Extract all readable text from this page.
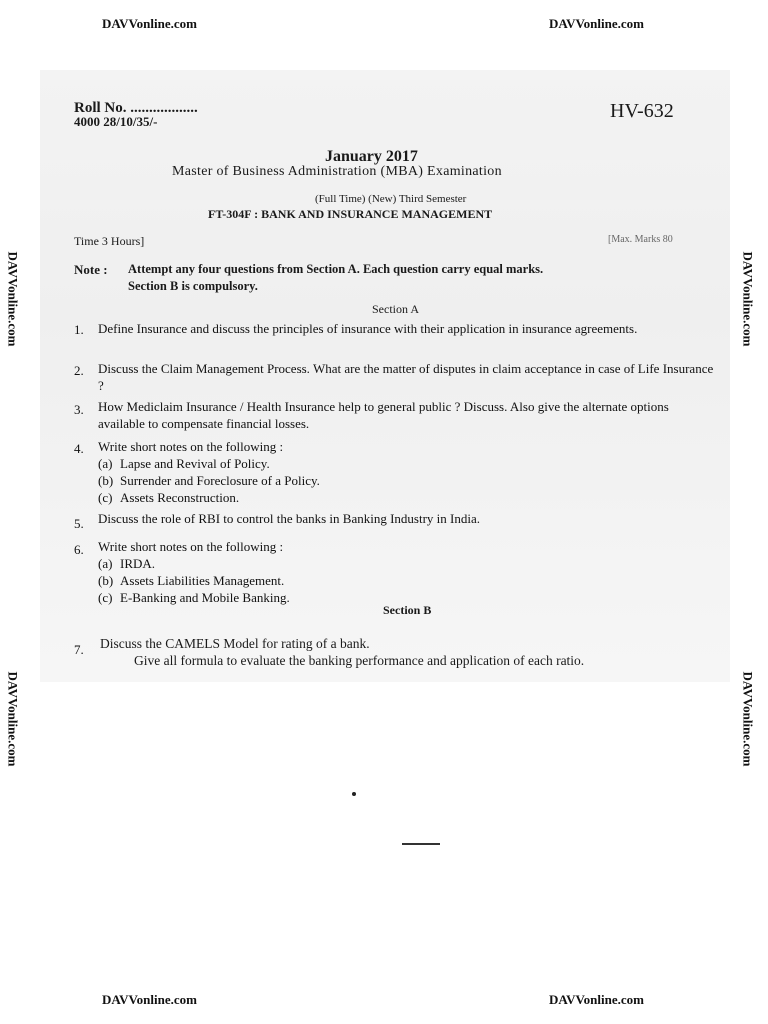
DAVVonline.com	DAVVonline.com
DAVVonline.com	DAVVonline.com
DAVVonline.com
DAVVonline.com
DAVVonline.com
DAVVonline.com
Roll No. ..................
4000 28/10/35/-	HV-632
January 2017
Master of Business Administration (MBA) Examination
(Full Time) (New) Third Semester
FT-304F : BANK AND INSURANCE MANAGEMENT
Time 3 Hours]	[Max. Marks 80
Note : Attempt any four questions from Section A. Each question carry equal marks.
Section B is compulsory.
Section A
1. Define Insurance and discuss the principles of insurance with their application in insurance agreements.
2. Discuss the Claim Management Process. What are the matter of disputes in claim acceptance in case of Life Insurance ?
3. How Mediclaim Insurance / Health Insurance help to general public ? Discuss. Also give the alternate options available to compensate financial losses.
4. Write short notes on the following :
(a) Lapse and Revival of Policy.
(b) Surrender and Foreclosure of a Policy.
(c) Assets Reconstruction.
5. Discuss the role of RBI to control the banks in Banking Industry in India.
6. Write short notes on the following :
(a) IRDA.
(b) Assets Liabilities Management.
(c) E-Banking and Mobile Banking.
Section B
7. Discuss the CAMELS Model for rating of a bank.
Give all formula to evaluate the banking performance and application of each ratio.
